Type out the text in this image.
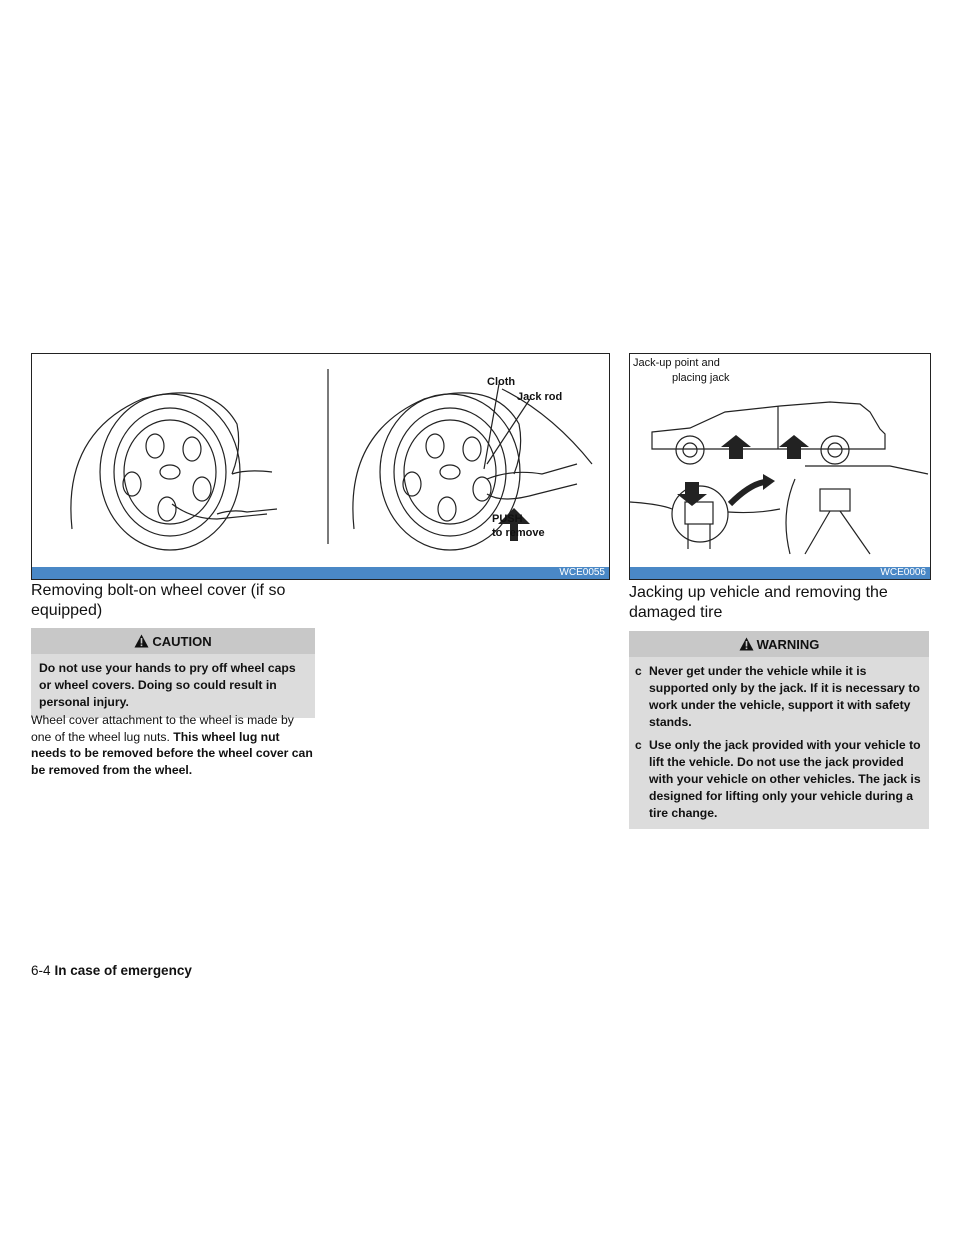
Cloth
Jack rod
PUSH
to remove
WCE0055
Jack-up point and
placing jack
WCE0006
Removing bolt-on wheel cover (if so
equipped)
CAUTION
Do not use your hands to pry off wheel caps or wheel covers. Doing so could result in personal injury.
Wheel cover attachment to the wheel is made by one of the wheel lug nuts. This wheel lug nut needs to be removed before the wheel cover can be removed from the wheel.
Jacking up vehicle and removing the
damaged tire
WARNING
c Never get under the vehicle while it is supported only by the jack. If it is necessary to work under the vehicle, support it with safety stands.
c Use only the jack provided with your vehicle to lift the vehicle. Do not use the jack provided with your vehicle on other vehicles. The jack is designed for lifting only your vehicle during a tire change.
6-4 In case of emergency
